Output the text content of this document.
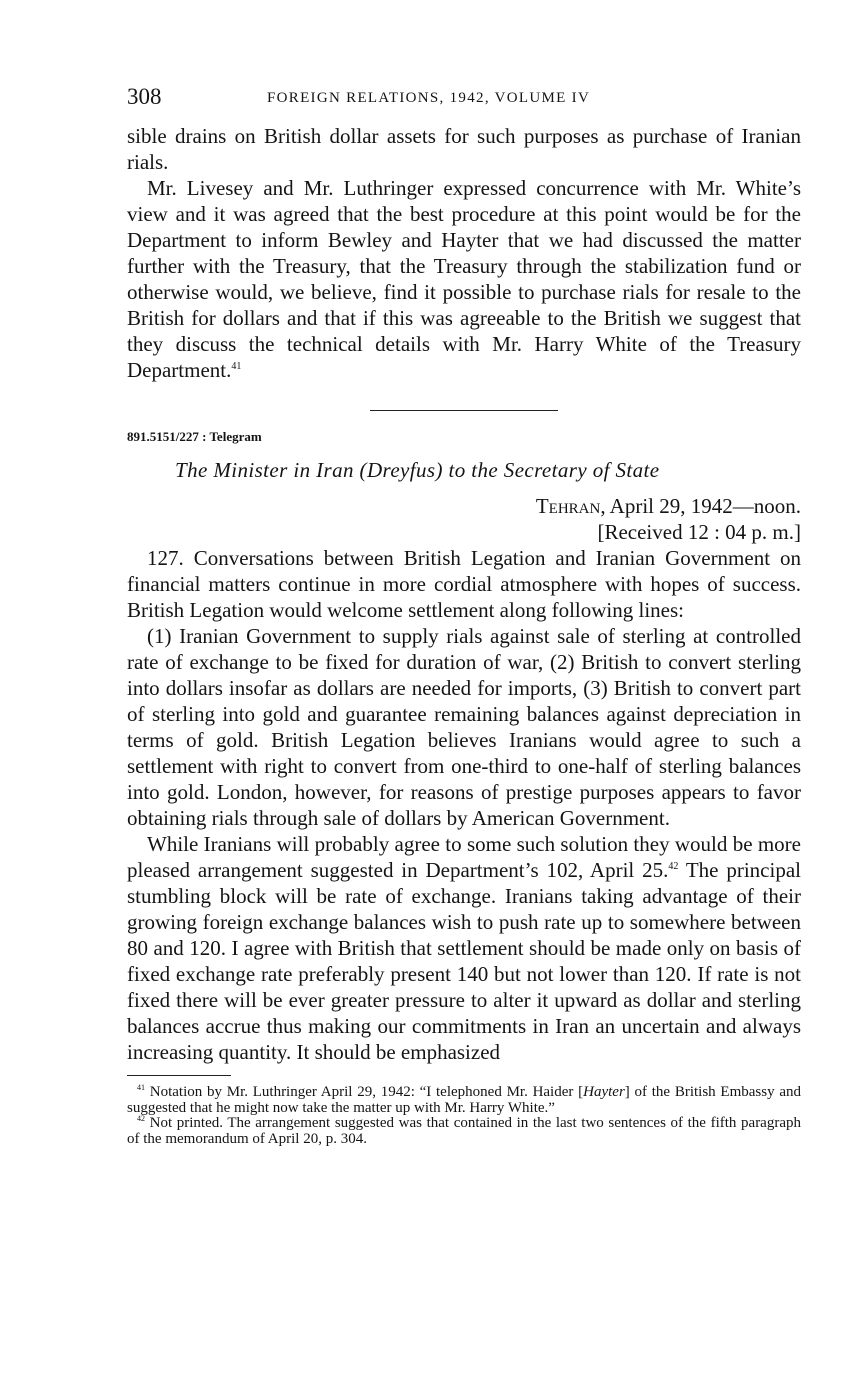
308	FOREIGN RELATIONS, 1942, VOLUME IV

sible drains on British dollar assets for such purposes as purchase of Iranian rials.

Mr. Livesey and Mr. Luthringer expressed concurrence with Mr. White’s view and it was agreed that the best procedure at this point would be for the Department to inform Bewley and Hayter that we had discussed the matter further with the Treasury, that the Treasury through the stabilization fund or otherwise would, we believe, find it possible to purchase rials for resale to the British for dollars and that if this was agreeable to the British we suggest that they discuss the technical details with Mr. Harry White of the Treasury Department.$^{41}$

891.5151/227 : Telegram
The Minister in Iran (Dreyfus) to the Secretary of State
Tehran, April 29, 1942—noon.
[Received 12 : 04 p. m.]

127. Conversations between British Legation and Iranian Government on financial matters continue in more cordial atmosphere with hopes of success. British Legation would welcome settlement along following lines:

(1) Iranian Government to supply rials against sale of sterling at controlled rate of exchange to be fixed for duration of war, (2) British to convert sterling into dollars insofar as dollars are needed for imports, (3) British to convert part of sterling into gold and guarantee remaining balances against depreciation in terms of gold. British Legation believes Iranians would agree to such a settlement with right to convert from one-third to one-half of sterling balances into gold. London, however, for reasons of prestige purposes appears to favor obtaining rials through sale of dollars by American Government.

While Iranians will probably agree to some such solution they would be more pleased arrangement suggested in Department’s 102, April 25.42 The principal stumbling block will be rate of exchange. Iranians taking advantage of their growing foreign exchange balances wish to push rate up to somewhere between 80 and 120. I agree with British that settlement should be made only on basis of fixed exchange rate preferably present 140 but not lower than 120. If rate is not fixed there will be ever greater pressure to alter it upward as dollar and sterling balances accrue thus making our commitments in Iran an uncertain and always increasing quantity. It should be emphasized

$^{41}$ Notation by Mr. Luthringer April 29, 1942: “I telephoned Mr. Haider [Hayter] of the British Embassy and suggested that he might now take the matter up with Mr. Harry White.”
$^{42}$ Not printed. The arrangement suggested was that contained in the last two sentences of the fifth paragraph of the memorandum of April 20, p. 304.
